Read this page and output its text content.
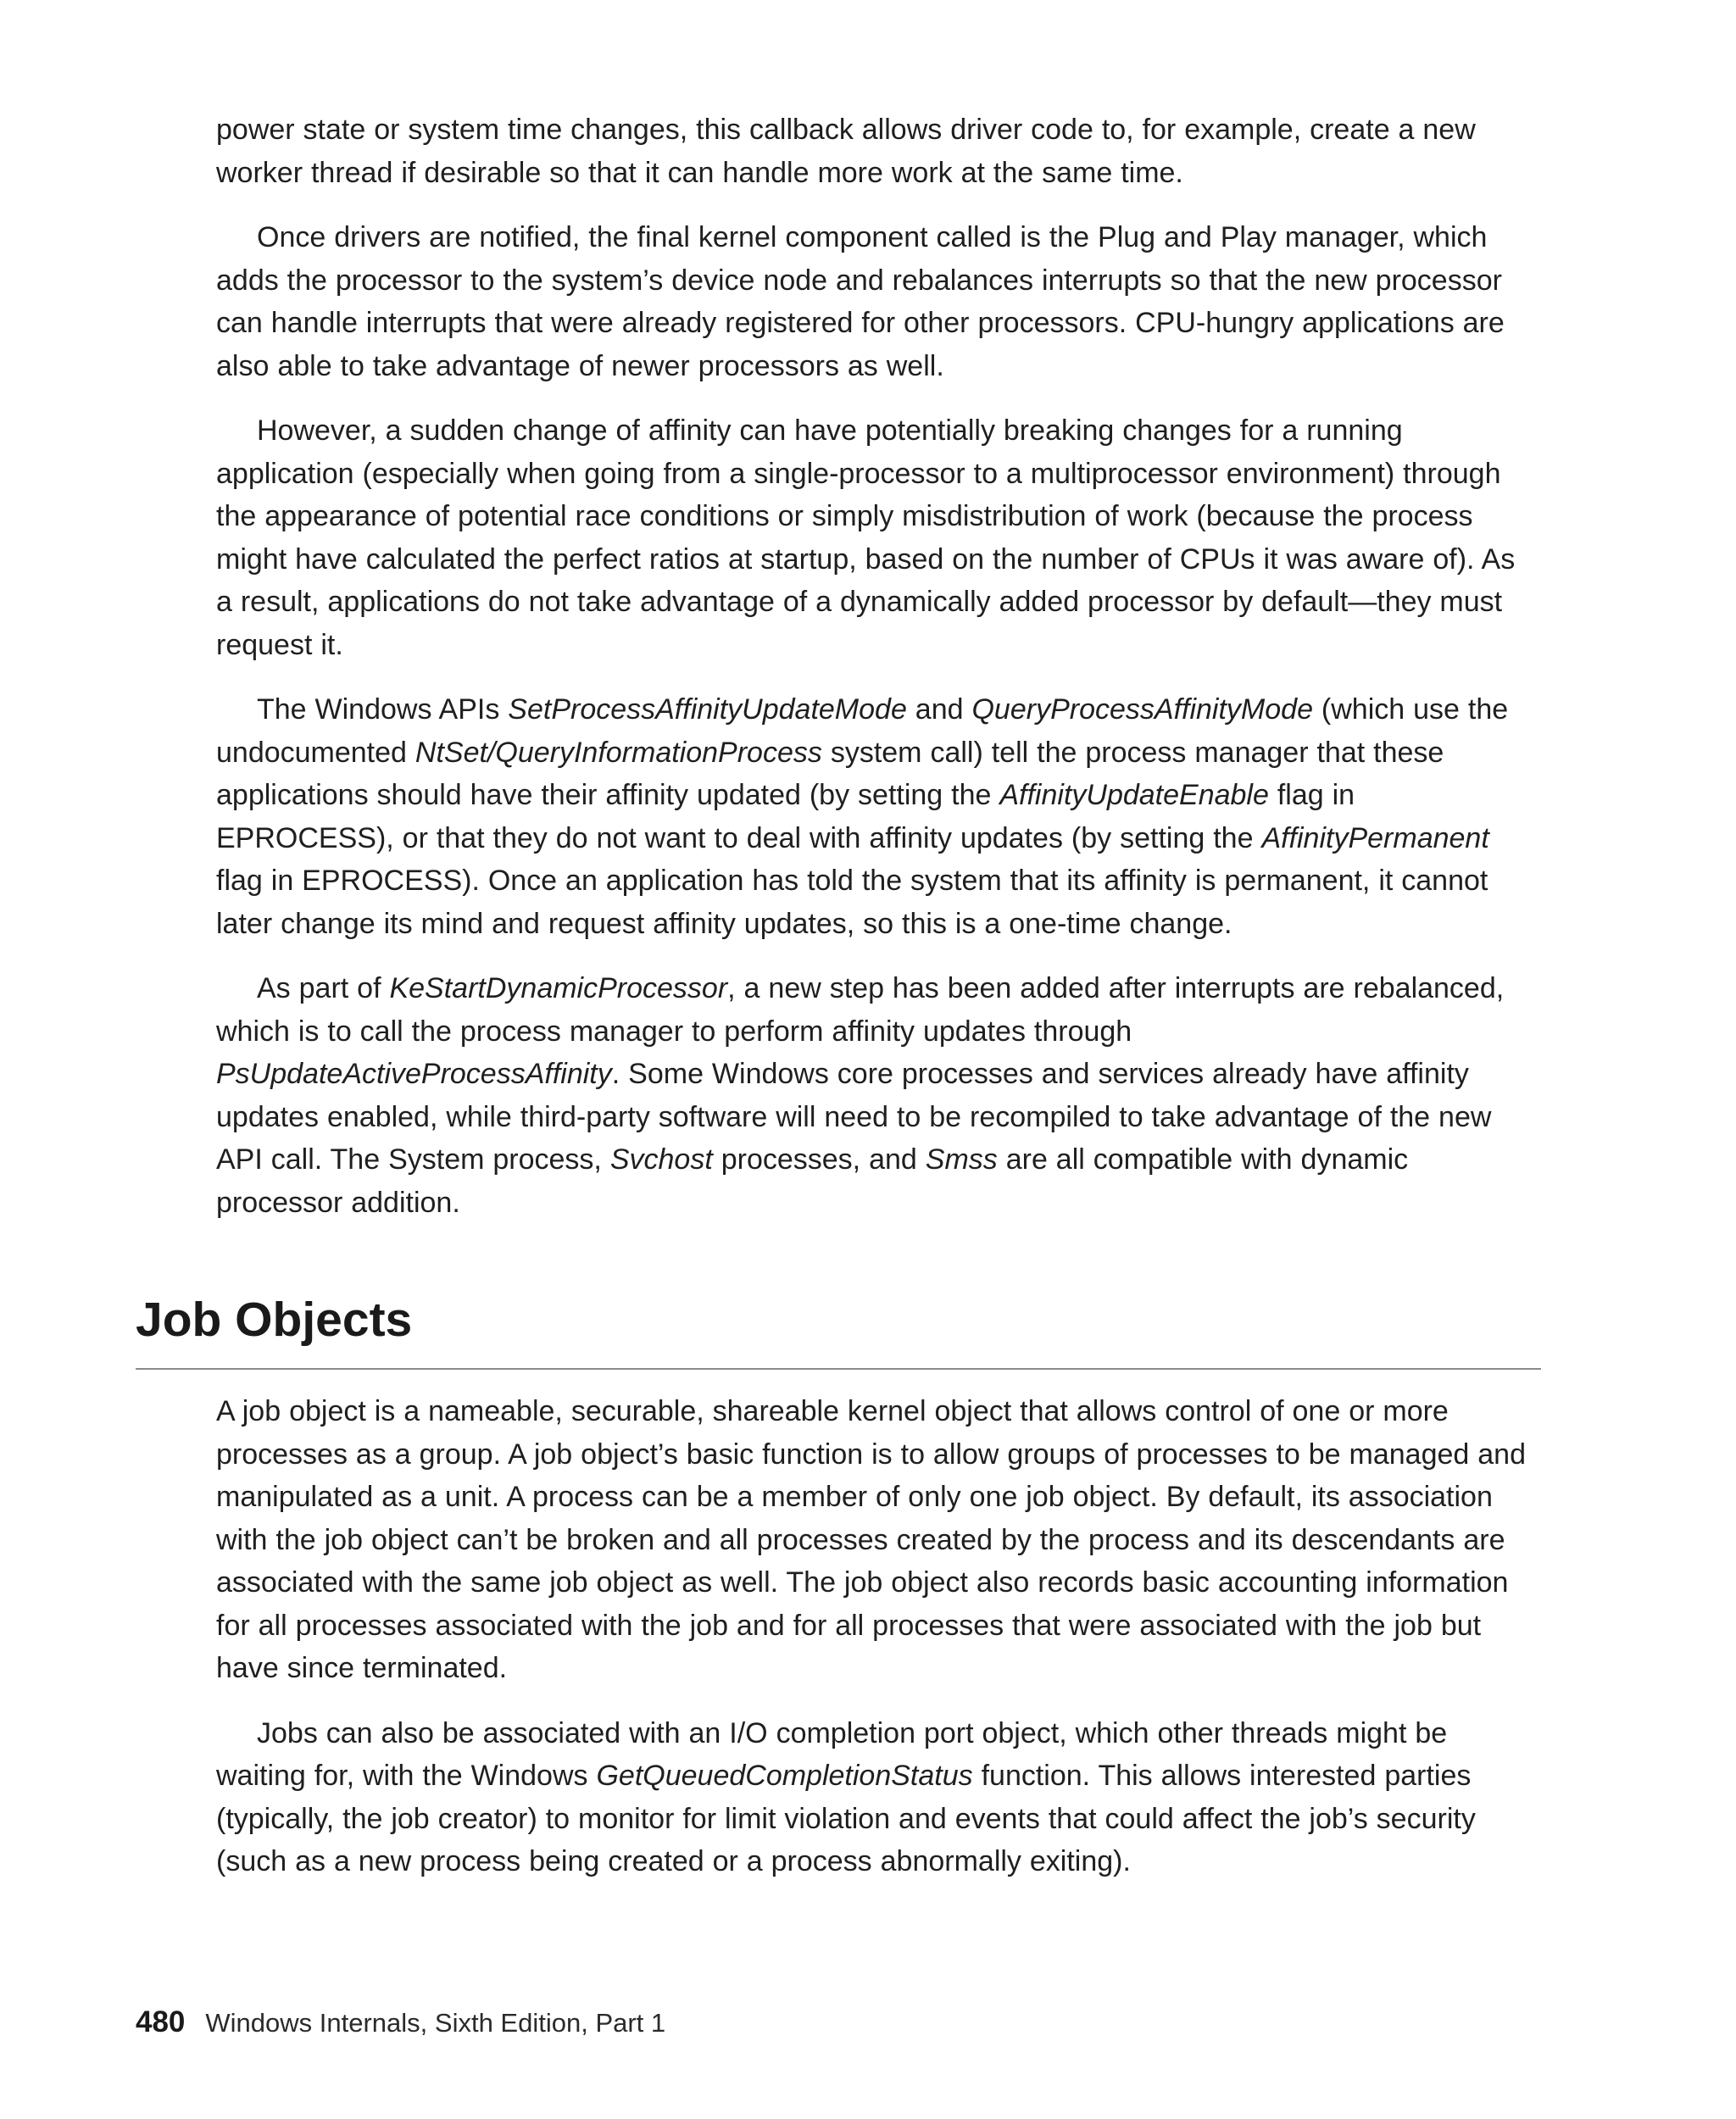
power state or system time changes, this callback allows driver code to, for example, create a new worker thread if desirable so that it can handle more work at the same time.

Once drivers are notified, the final kernel component called is the Plug and Play manager, which adds the processor to the system’s device node and rebalances interrupts so that the new processor can handle interrupts that were already registered for other processors. CPU-hungry applications are also able to take advantage of newer processors as well.

However, a sudden change of affinity can have potentially breaking changes for a running application (especially when going from a single-processor to a multiprocessor environment) through the appearance of potential race conditions or simply misdistribution of work (because the process might have calculated the perfect ratios at startup, based on the number of CPUs it was aware of). As a result, applications do not take advantage of a dynamically added processor by default—they must request it.

The Windows APIs SetProcessAffinityUpdateMode and QueryProcessAffinityMode (which use the undocumented NtSet/QueryInformationProcess system call) tell the process manager that these applications should have their affinity updated (by setting the AffinityUpdateEnable flag in EPROCESS), or that they do not want to deal with affinity updates (by setting the AffinityPermanent flag in EPROCESS). Once an application has told the system that its affinity is permanent, it cannot later change its mind and request affinity updates, so this is a one-time change.

As part of KeStartDynamicProcessor, a new step has been added after interrupts are rebalanced, which is to call the process manager to perform affinity updates through PsUpdateActiveProcessAffinity. Some Windows core processes and services already have affinity updates enabled, while third-party software will need to be recompiled to take advantage of the new API call. The System process, Svchost processes, and Smss are all compatible with dynamic processor addition.

Job Objects

A job object is a nameable, securable, shareable kernel object that allows control of one or more processes as a group. A job object’s basic function is to allow groups of processes to be managed and manipulated as a unit. A process can be a member of only one job object. By default, its association with the job object can’t be broken and all processes created by the process and its descendants are associated with the same job object as well. The job object also records basic accounting information for all processes associated with the job and for all processes that were associated with the job but have since terminated.

Jobs can also be associated with an I/O completion port object, which other threads might be waiting for, with the Windows GetQueuedCompletionStatus function. This allows interested parties (typically, the job creator) to monitor for limit violation and events that could affect the job’s security (such as a new process being created or a process abnormally exiting).

480 Windows Internals, Sixth Edition, Part 1
